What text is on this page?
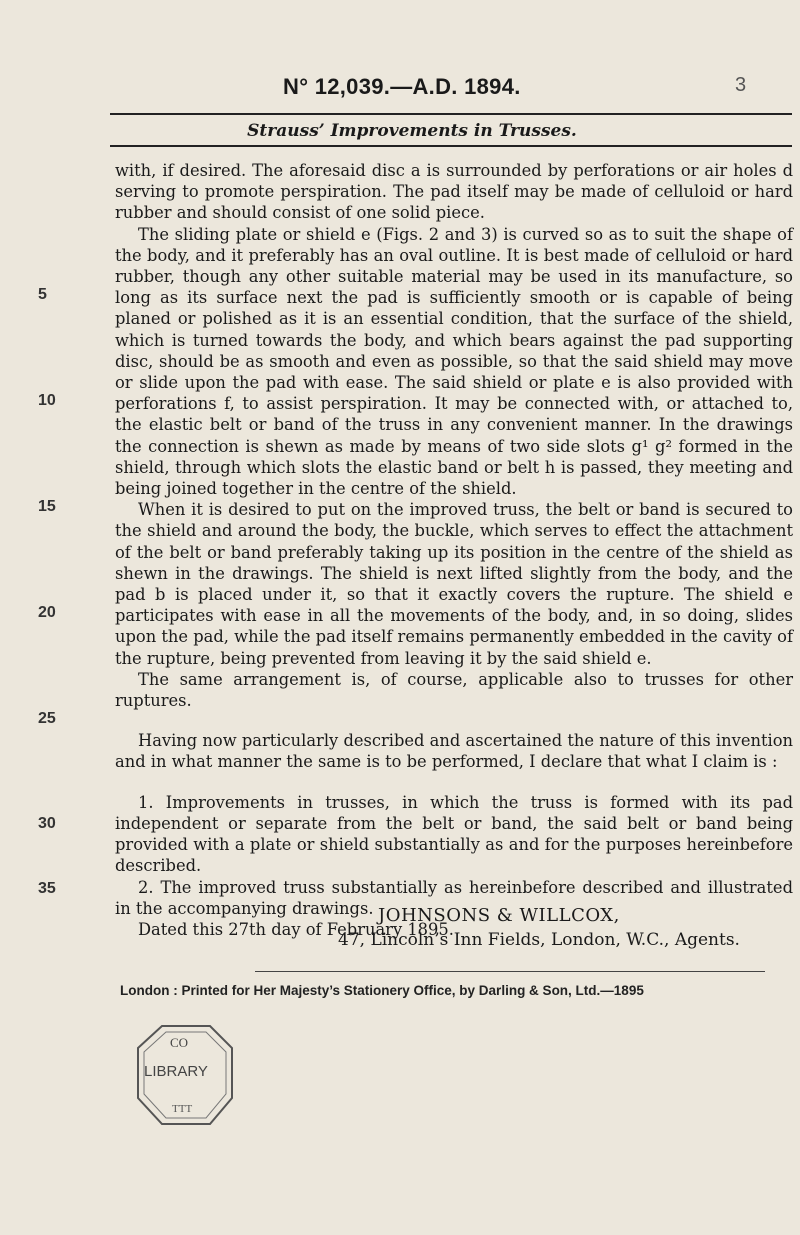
N° 12,039.—A.D. 1894.	3
Strauss’ Improvements in Trusses.
5
10
15
20
25
30
35

with, if desired. The aforesaid disc a is surrounded by perforations or air holes d serving to promote perspiration. The pad itself may be made of celluloid or hard rubber and should consist of one solid piece.

The sliding plate or shield e (Figs. 2 and 3) is curved so as to suit the shape of the body, and it preferably has an oval outline. It is best made of celluloid or hard rubber, though any other suitable material may be used in its manufacture, so long as its surface next the pad is sufficiently smooth or is capable of being planed or polished as it is an essential condition, that the surface of the shield, which is turned towards the body, and which bears against the pad supporting disc, should be as smooth and even as possible, so that the said shield may move or slide upon the pad with ease. The said shield or plate e is also provided with perforations f, to assist perspiration. It may be connected with, or attached to, the elastic belt or band of the truss in any convenient manner. In the drawings the connection is shewn as made by means of two side slots g¹ g² formed in the shield, through which slots the elastic band or belt h is passed, they meeting and being joined together in the centre of the shield.

When it is desired to put on the improved truss, the belt or band is secured to the shield and around the body, the buckle, which serves to effect the attachment of the belt or band preferably taking up its position in the centre of the shield as shewn in the drawings. The shield is next lifted slightly from the body, and the pad b is placed under it, so that it exactly covers the rupture. The shield e participates with ease in all the movements of the body, and, in so doing, slides upon the pad, while the pad itself remains permanently embedded in the cavity of the rupture, being prevented from leaving it by the said shield e.

The same arrangement is, of course, applicable also to trusses for other ruptures.

Having now particularly described and ascertained the nature of this invention and in what manner the same is to be performed, I declare that what I claim is :

1. Improvements in trusses, in which the truss is formed with its pad independent or separate from the belt or band, the said belt or band being provided with a plate or shield substantially as and for the purposes hereinbefore described.

2. The improved truss substantially as hereinbefore described and illustrated in the accompanying drawings.

Dated this 27th day of February 1895.

JOHNSONS & WILLCOX,
47, Lincoln’s Inn Fields, London, W.C., Agents.
London : Printed for Her Majesty’s Stationery Office, by Darling & Son, Ltd.—1895
CO
LIBRARY
TTT
